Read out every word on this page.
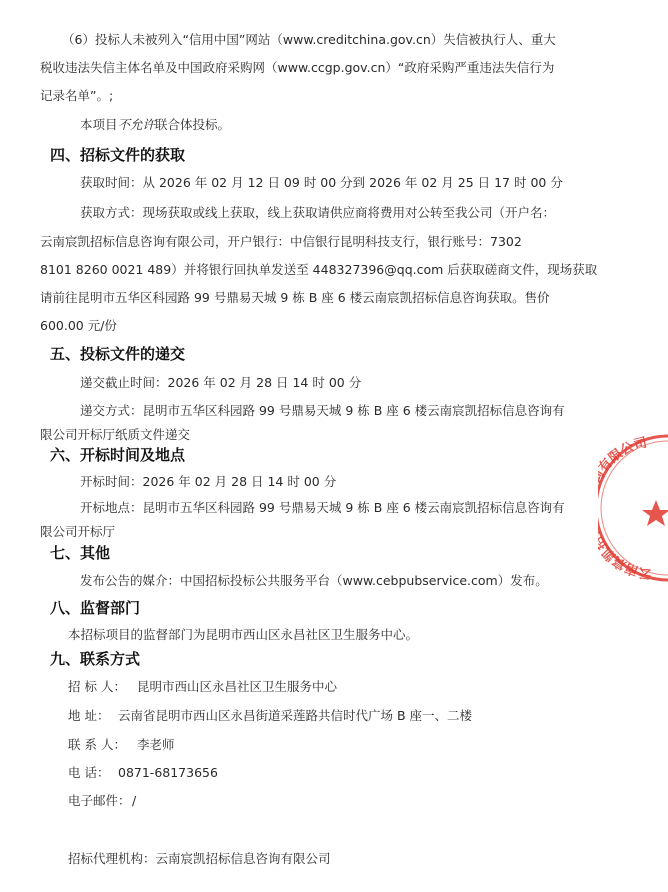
（6）投标人未被列入“信用中国”网站（www.creditchina.gov.cn）失信被执行人、重大
税收违法失信主体名单及中国政府采购网（www.ccgp.gov.cn）“政府采购严重违法失信行为
记录名单”。;
本项目不允许联合体投标。
四、招标文件的获取
获取时间：从 2026 年 02 月 12 日 09 时 00 分到 2026 年 02 月 25 日 17 时 00 分
获取方式：现场获取或线上获取，线上获取请供应商将费用对公转至我公司（开户名：
云南宸凯招标信息咨询有限公司，开户银行：中信银行昆明科技支行，银行账号：7302
8101 8260 0021 489）并将银行回执单发送至 448327396@qq.com 后获取磋商文件，现场获取
请前往昆明市五华区科园路 99 号鼎易天城 9 栋 B 座 6 楼云南宸凯招标信息咨询获取。售价
600.00 元/份
五、投标文件的递交
递交截止时间：2026 年 02 月 28 日 14 时 00 分
递交方式：昆明市五华区科园路 99 号鼎易天城 9 栋 B 座 6 楼云南宸凯招标信息咨询有
限公司开标厅纸质文件递交
六、开标时间及地点
开标时间：2026 年 02 月 28 日 14 时 00 分
开标地点：昆明市五华区科园路 99 号鼎易天城 9 栋 B 座 6 楼云南宸凯招标信息咨询有
限公司开标厅
七、其他
发布公告的媒介：中国招标投标公共服务平台（www.cebpubservice.com）发布。
八、监督部门
本招标项目的监督部门为昆明市西山区永昌社区卫生服务中心。
九、联系方式
招 标 人： 昆明市西山区永昌社区卫生服务中心
地 址： 云南省昆明市西山区永昌街道采莲路共信时代广场 B 座一、二楼
联 系 人： 李老师
电 话： 0871-68173656
电子邮件：/
招标代理机构：云南宸凯招标信息咨询有限公司
云南宸凯 限公司
